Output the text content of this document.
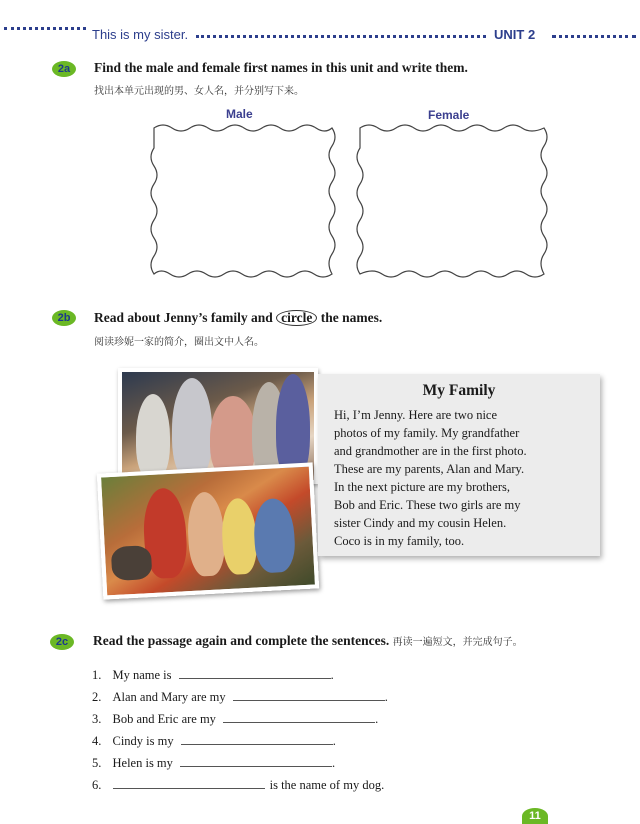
This is my sister.	UNIT 2
2a	Find the male and female first names in this unit and write them.
找出本单元出现的男、女人名，并分别写下来。
Male	Female
2b	Read about Jenny’s family and circle the names.
阅读珍妮一家的简介，圈出文中人名。
My Family

Hi, I’m Jenny. Here are two nice

photos of my family. My grandfather

and grandmother are in the first photo.

These are my parents, Alan and Mary.

In the next picture are my brothers,

Bob and Eric. These two girls are my

sister Cindy and my cousin Helen.

Coco is in my family, too.

2c	Read the passage again and complete the sentences. 再读一遍短文，并完成句子。
1. My name is	.
2. Alan and Mary are my	.
3. Bob and Eric are my	.
4. Cindy is my	.
5. Helen is my	.
6.	is the name of my dog.
11
